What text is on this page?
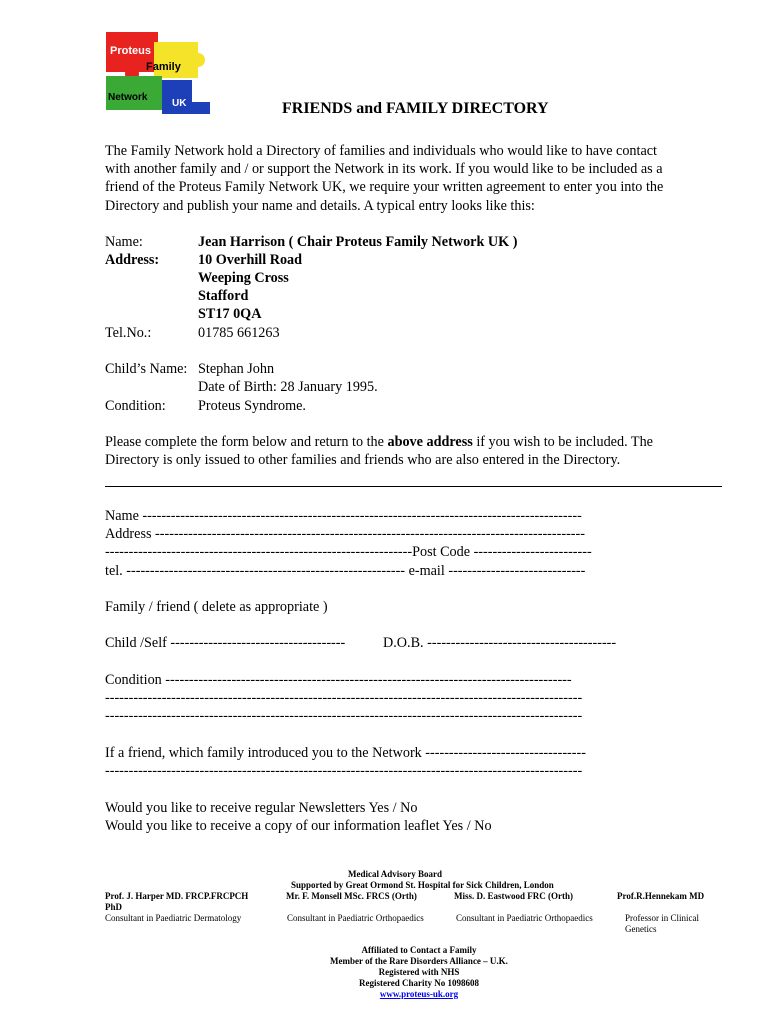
Proteus
Family
Network
UK	FRIENDS and FAMILY DIRECTORY
The Family Network hold a Directory of families and individuals who would like to have contact
with another family and / or support the Network in its work. If you would like to be included as a
friend of the Proteus Family Network UK, we require your written agreement to enter you into the
Directory and publish your name and details. A typical entry looks like this:
Name:	Jean Harrison ( Chair Proteus Family Network UK )
Address:	10 Overhill Road
Weeping Cross
Stafford
ST17 0QA
Tel.No.:	01785 661263
Child’s Name: Stephan John
Date of Birth: 28 January 1995.
Condition: Proteus Syndrome.
Please complete the form below and return to the above address if you wish to be included. The
Directory is only issued to other families and friends who are also entered in the Directory.
Name ---------------------------------------------------------------------------------------------
Address -------------------------------------------------------------------------------------------
-----------------------------------------------------------------Post Code -------------------------
tel. ----------------------------------------------------------- e-mail -----------------------------
Family / friend ( delete as appropriate )
Child /Self -------------------------------------	D.O.B. ----------------------------------------
Condition --------------------------------------------------------------------------------------
-----------------------------------------------------------------------------------------------------
-----------------------------------------------------------------------------------------------------
If a friend, which family introduced you to the Network ----------------------------------
-----------------------------------------------------------------------------------------------------
Would you like to receive regular Newsletters Yes / No
Would you like to receive a copy of our information leaflet Yes / No
Medical Advisory Board
Supported by Great Ormond St. Hospital for Sick Children, London
Prof. J. Harper MD. FRCP.FRCPCH
PhD
Consultant in Paediatric Dermatology
Mr. F. Monsell MSc. FRCS (Orth)
Consultant in Paediatric Orthopaedics
Miss. D. Eastwood FRC (Orth)
Consultant in Paediatric Orthopaedics
Prof.R.Hennekam MD
Professor in Clinical
Genetics
Affiliated to Contact a Family
Member of the Rare Disorders Alliance – U.K.
Registered with NHS
Registered Charity No 1098608
www.proteus-uk.org
